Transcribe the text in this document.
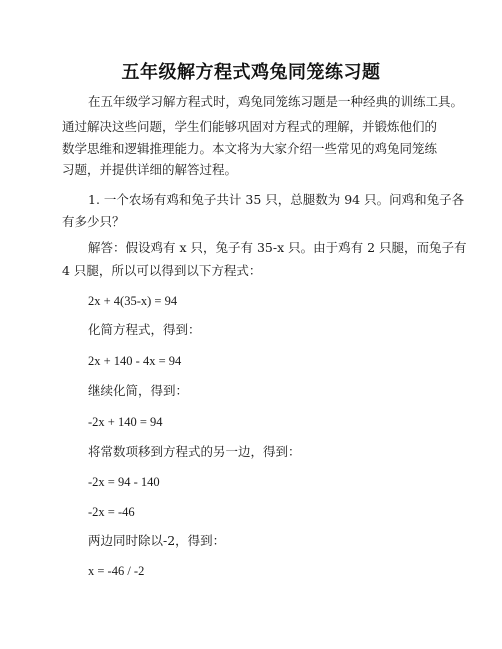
五年级解方程式鸡兔同笼练习题
在五年级学习解方程式时，鸡兔同笼练习题是一种经典的训练工具。
通过解决这些问题，学生们能够巩固对方程式的理解，并锻炼他们的
数学思维和逻辑推理能力。本文将为大家介绍一些常见的鸡兔同笼练
习题，并提供详细的解答过程。
1. 一个农场有鸡和兔子共计 35 只，总腿数为 94 只。问鸡和兔子各
有多少只？
解答：假设鸡有 x 只，兔子有 35-x 只。由于鸡有 2 只腿，而兔子有
4 只腿，所以可以得到以下方程式：
2x + 4(35-x) = 94
化简方程式，得到：
2x + 140 - 4x = 94
继续化简，得到：
-2x + 140 = 94
将常数项移到方程式的另一边，得到：
-2x = 94 - 140
-2x = -46
两边同时除以-2，得到：
x = -46 / -2
